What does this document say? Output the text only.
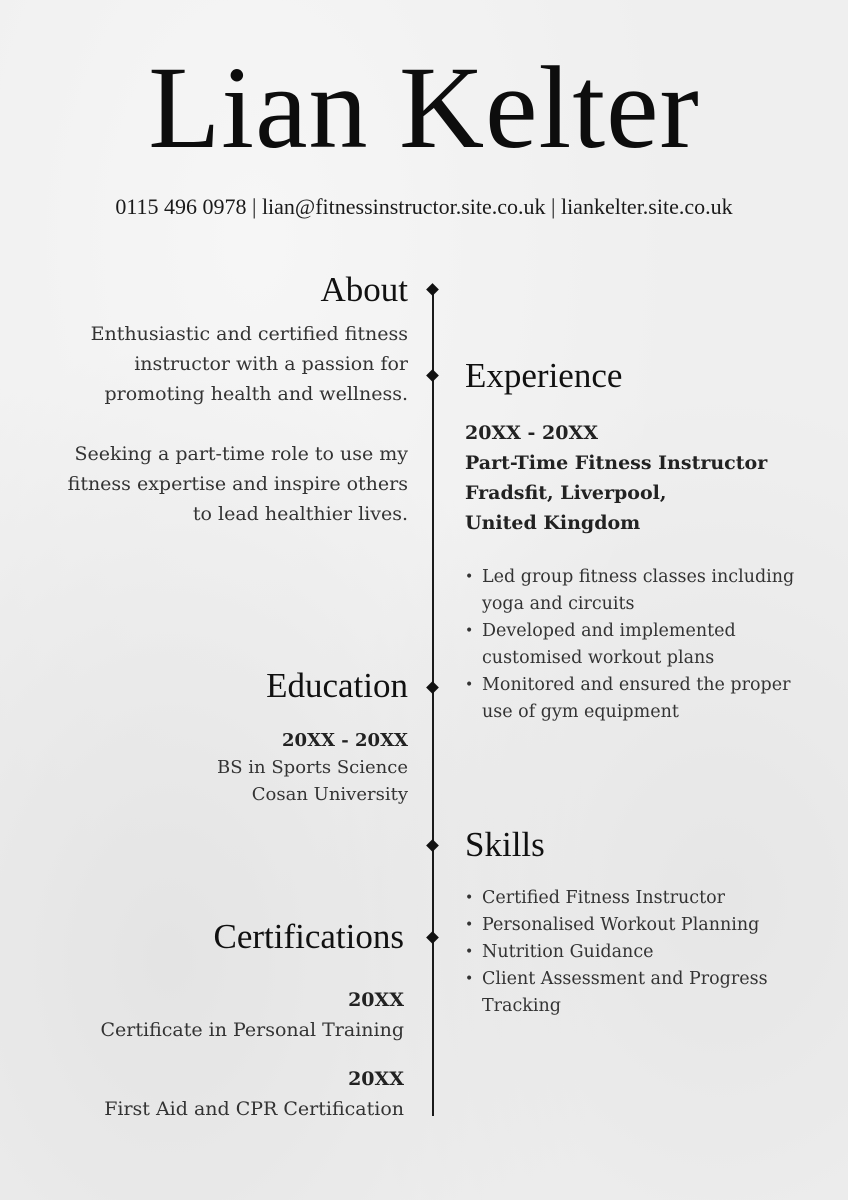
Lian Kelter
0115 496 0978 | lian@fitnessinstructor.site.co.uk | liankelter.site.co.uk
About
Enthusiastic and certified fitness
instructor with a passion for
promoting health and wellness.
Seeking a part-time role to use my
fitness expertise and inspire others
to lead healthier lives.
Experience
20XX - 20XX
Part-Time Fitness Instructor
Fradsfit, Liverpool,
United Kingdom
• Led group fitness classes including yoga and circuits
• Developed and implemented customised workout plans
• Monitored and ensured the proper use of gym equipment
Education
20XX - 20XX
BS in Sports Science
Cosan University
Skills
• Certified Fitness Instructor
• Personalised Workout Planning
• Nutrition Guidance
• Client Assessment and Progress Tracking
Certifications
20XX
Certificate in Personal Training
20XX
First Aid and CPR Certification
